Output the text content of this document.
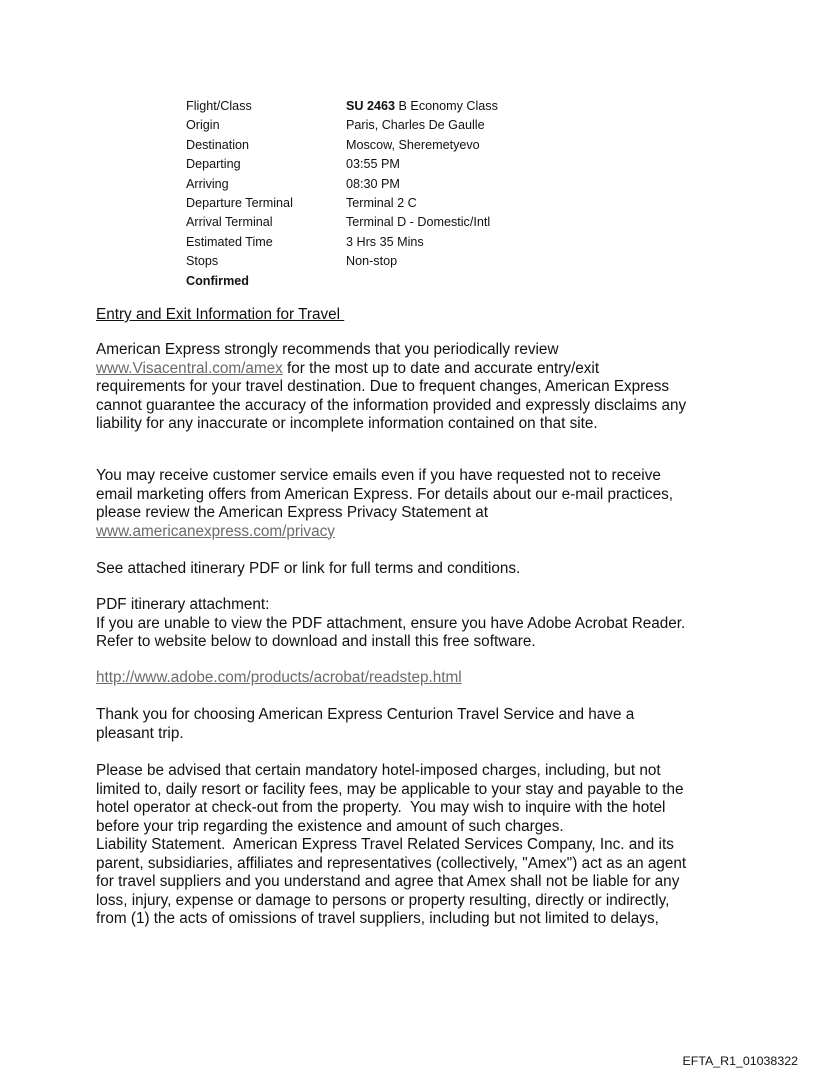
Flight/Class	SU 2463 B Economy Class
Origin	Paris, Charles De Gaulle
Destination	Moscow, Sheremetyevo
Departing	03:55 PM
Arriving	08:30 PM
Departure Terminal	Terminal 2 C
Arrival Terminal	Terminal D - Domestic/Intl
Estimated Time	3 Hrs 35 Mins
Stops	Non-stop
Confirmed

Entry and Exit Information for Travel

American Express strongly recommends that you periodically review

www.Visacentral.com/amex for the most up to date and accurate entry/exit

requirements for your travel destination. Due to frequent changes, American Express

cannot guarantee the accuracy of the information provided and expressly disclaims any

liability for any inaccurate or incomplete information contained on that site.

You may receive customer service emails even if you have requested not to receive

email marketing offers from American Express. For details about our e-mail practices,

please review the American Express Privacy Statement at

www.americanexpress.com/privacy

See attached itinerary PDF or link for full terms and conditions.

PDF itinerary attachment:

If you are unable to view the PDF attachment, ensure you have Adobe Acrobat Reader.

Refer to website below to download and install this free software.

http://www.adobe.com/products/acrobat/readstep.html

Thank you for choosing American Express Centurion Travel Service and have a

pleasant trip.

Please be advised that certain mandatory hotel-imposed charges, including, but not

limited to, daily resort or facility fees, may be applicable to your stay and payable to the

hotel operator at check-out from the property.  You may wish to inquire with the hotel

before your trip regarding the existence and amount of such charges.

Liability Statement.  American Express Travel Related Services Company, Inc. and its

parent, subsidiaries, affiliates and representatives (collectively, "Amex") act as an agent

for travel suppliers and you understand and agree that Amex shall not be liable for any

loss, injury, expense or damage to persons or property resulting, directly or indirectly,

from (1) the acts of omissions of travel suppliers, including but not limited to delays,

EFTA_R1_01038322
